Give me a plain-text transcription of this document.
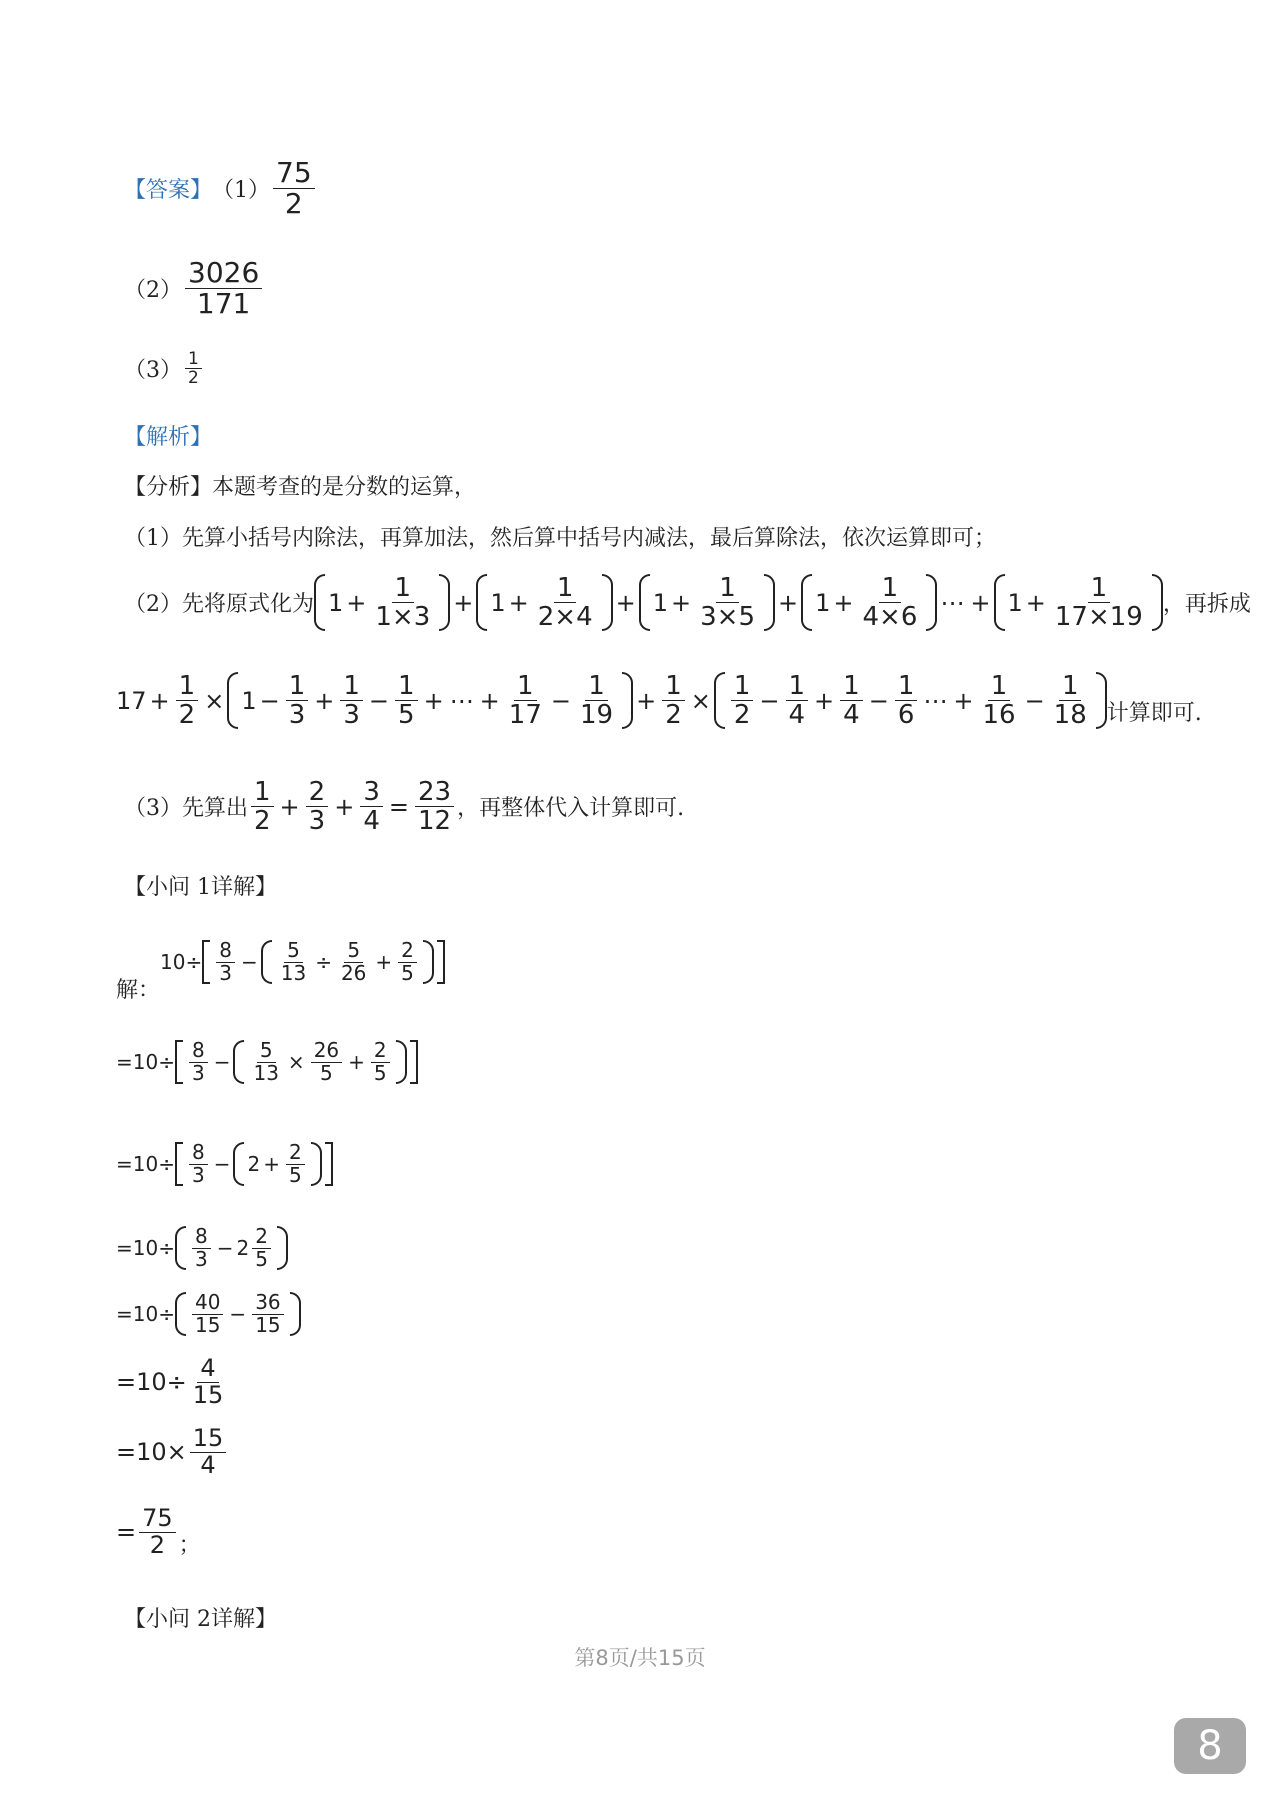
【答案】 $(1) \frac{75}{2}$
$(2) \frac{3026}{171}$
$(3) \frac{1}{2}$
【解析】
【分析】本题考查的是分数的运算，
（1）先算小括号内除法，再算加法，然后算中括号内减法，最后算除法，依次运算即可；
（2）先将原式化为 $1 + \frac{1}{1\times 3} + 1 + \frac{1}{2\times 4} + 1 + \frac{1}{3\times 5} + 1 + \frac{1}{4\times 6}$ ⋯ + $1 + \frac{1}{17\times 19}$ ，再拆成
$17 + \frac{1}{2} \times 1 - \frac{1}{3} + \frac{1}{3} - \frac{1}{5}$ + ⋯ + $\frac{1}{17} - \frac{1}{19} + \frac{1}{2} \times \frac{1}{2} - \frac{1}{4} + \frac{1}{4} - \frac{1}{6}$ ⋯ + $\frac{1}{16} - \frac{1}{18}$ 计算即可.
（3）先算出 $\frac{1}{2} + \frac{2}{3} + \frac{3}{4} = \frac{23}{12}$ ，再整体代入计算即可.
【小问 1详解】
解：
$10\div \frac{8}{3} - \frac{5}{13} \div \frac{5}{26} + \frac{2}{5}$
$=10\div \frac{8}{3} - \frac{5}{13} \times \frac{26}{5} + \frac{2}{5}$
$=10\div \frac{8}{3} - 2 + \frac{2}{5}$
$=10\div \frac{8}{3} - 2 \frac{2}{5}$
$=10\div \frac{40}{15} - \frac{36}{15}$
$=10\div \frac{4}{15}$
$=10\times \frac{15}{4}$
= $\frac{75}{2}$ ；
【小问 2详解】
第8页/共15页
8
